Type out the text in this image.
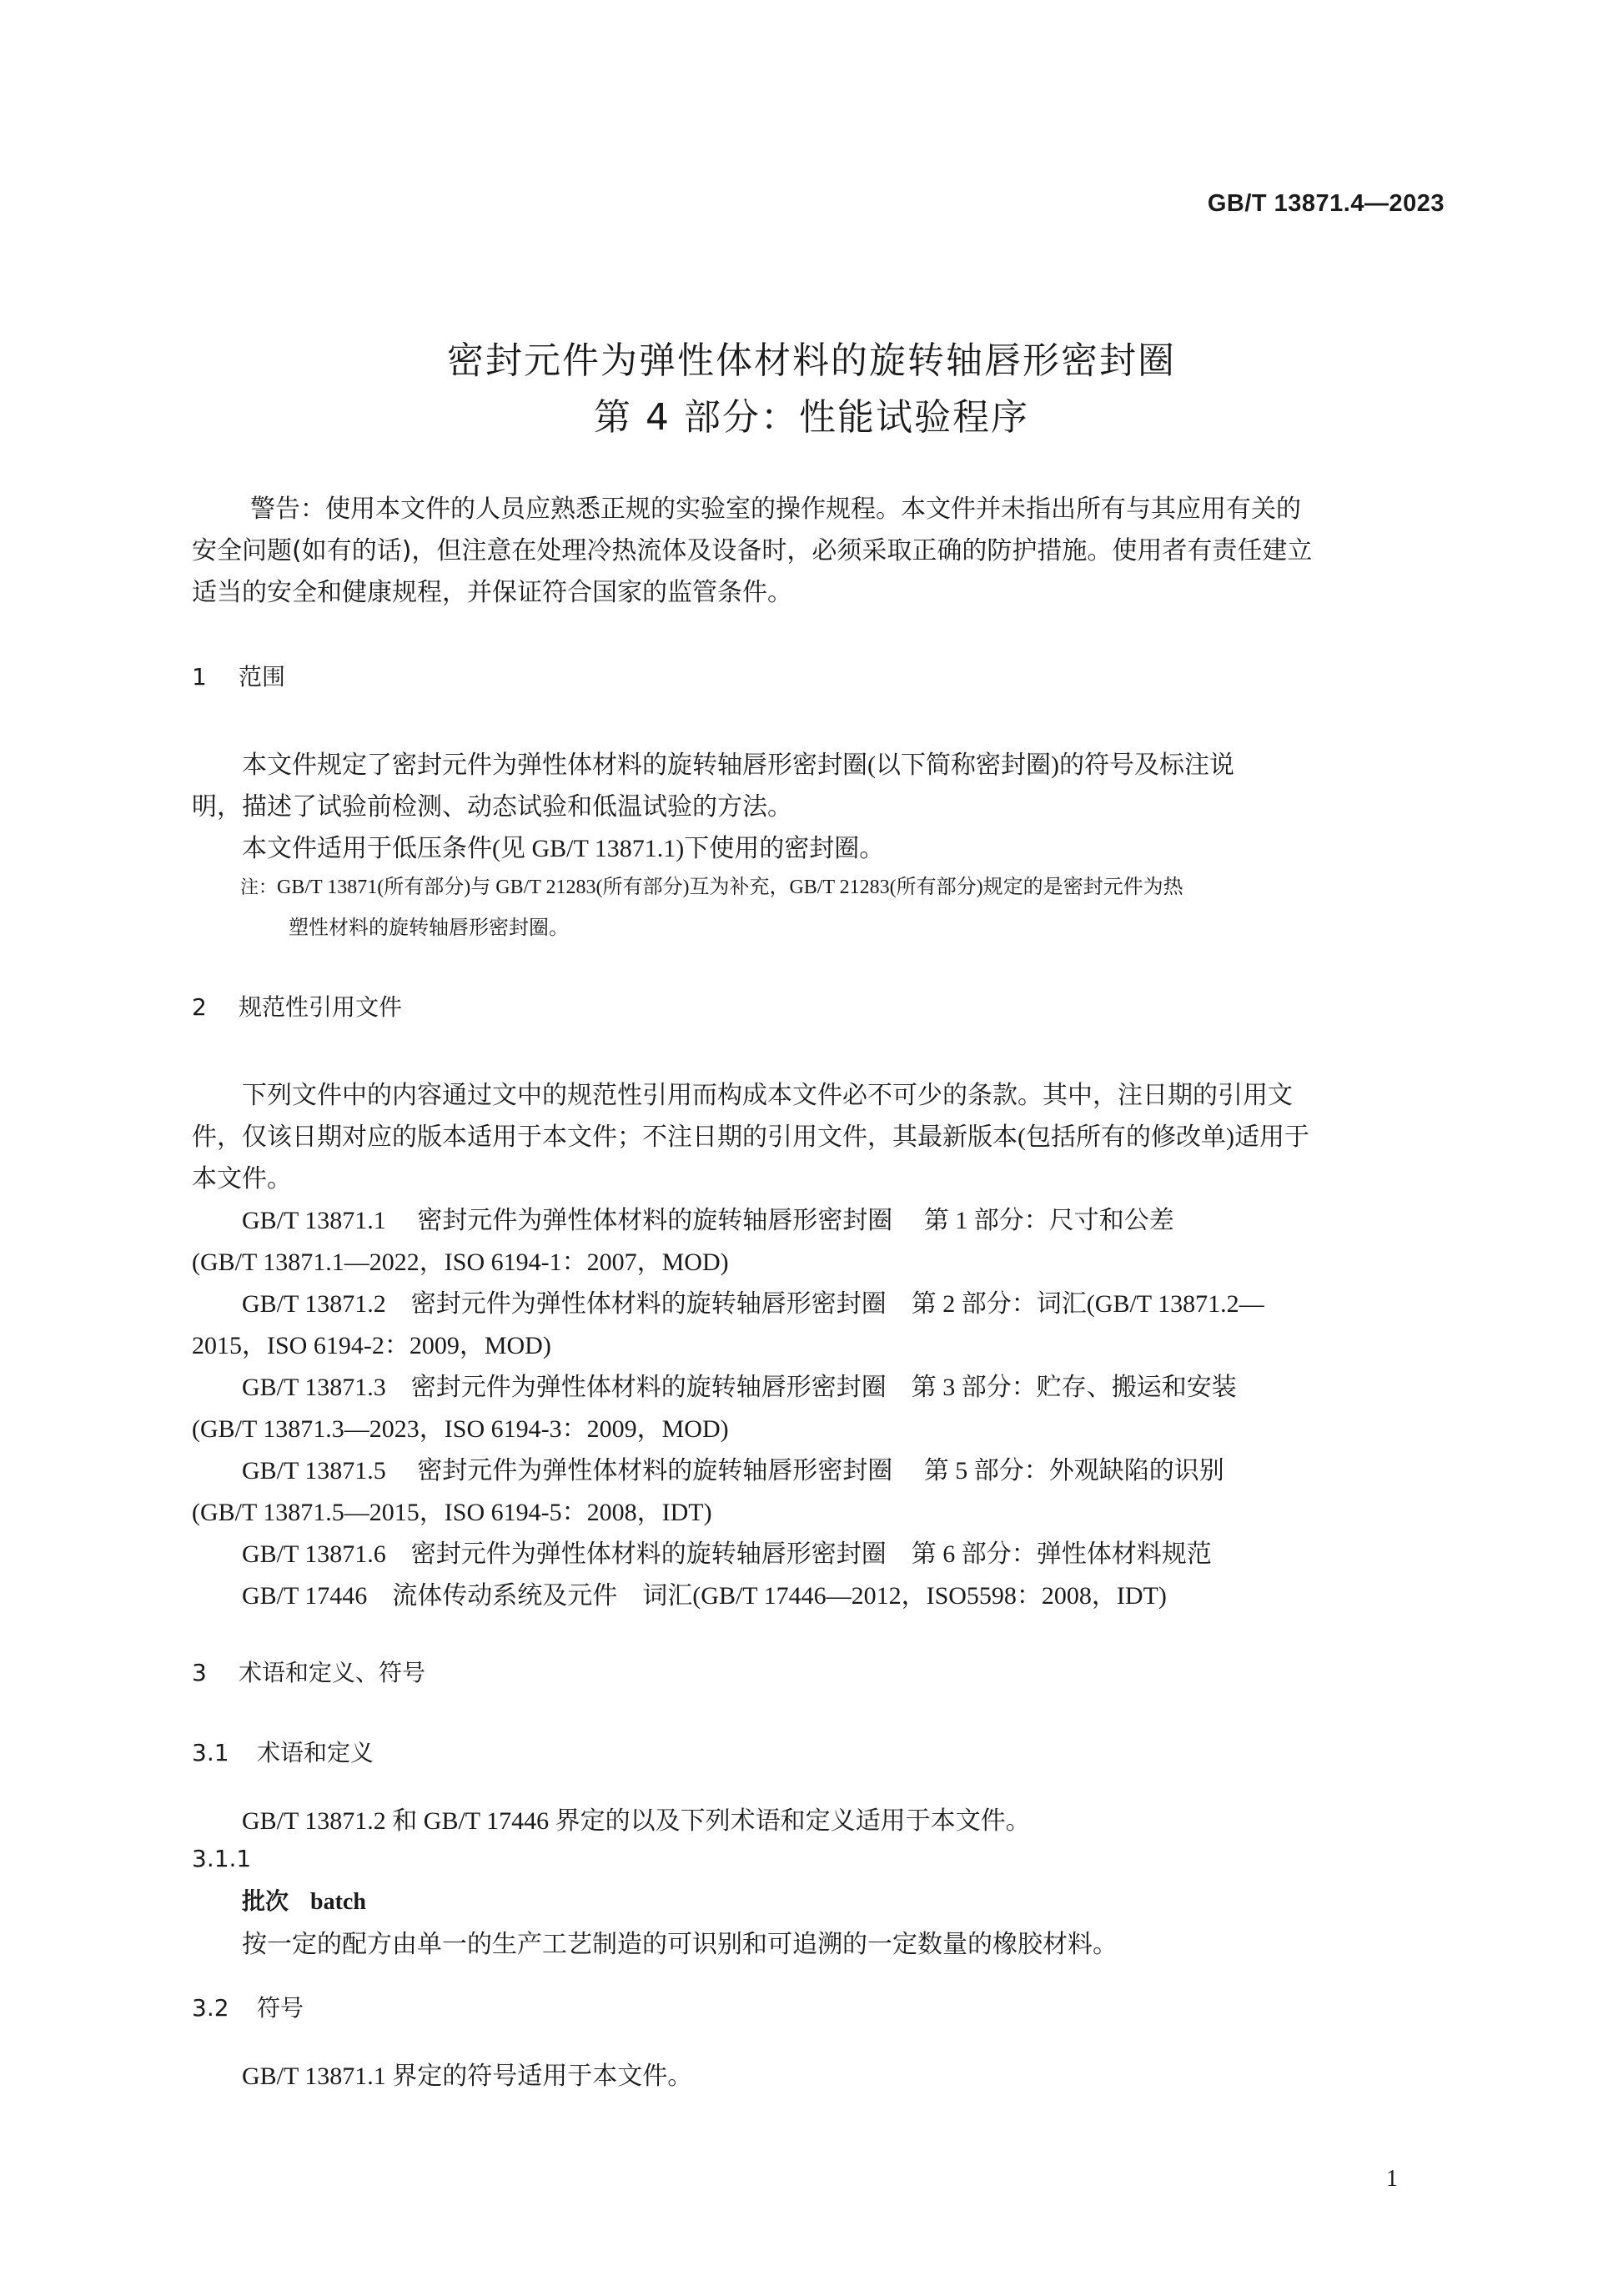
GB/T 13871.4—2023
密封元件为弹性体材料的旋转轴唇形密封圈
第 4 部分：性能试验程序
警告：使用本文件的人员应熟悉正规的实验室的操作规程。本文件并未指出所有与其应用有关的
安全问题(如有的话)，但注意在处理冷热流体及设备时，必须采取正确的防护措施。使用者有责任建立
适当的安全和健康规程，并保证符合国家的监管条件。
1 范围
本文件规定了密封元件为弹性体材料的旋转轴唇形密封圈(以下简称密封圈)的符号及标注说
明，描述了试验前检测、动态试验和低温试验的方法。
本文件适用于低压条件(见 GB/T 13871.1)下使用的密封圈。
注：GB/T 13871(所有部分)与 GB/T 21283(所有部分)互为补充，GB/T 21283(所有部分)规定的是密封元件为热
塑性材料的旋转轴唇形密封圈。
2 规范性引用文件
下列文件中的内容通过文中的规范性引用而构成本文件必不可少的条款。其中，注日期的引用文
件，仅该日期对应的版本适用于本文件；不注日期的引用文件，其最新版本(包括所有的修改单)适用于
本文件。
GB/T 13871.1　 密封元件为弹性体材料的旋转轴唇形密封圈　 第 1 部分：尺寸和公差
(GB/T 13871.1—2022，ISO 6194-1：2007，MOD)
GB/T 13871.2　密封元件为弹性体材料的旋转轴唇形密封圈　第 2 部分：词汇(GB/T 13871.2—
2015，ISO 6194-2：2009，MOD)
GB/T 13871.3　密封元件为弹性体材料的旋转轴唇形密封圈　第 3 部分：贮存、搬运和安装
(GB/T 13871.3—2023，ISO 6194-3：2009，MOD)
GB/T 13871.5　 密封元件为弹性体材料的旋转轴唇形密封圈　 第 5 部分：外观缺陷的识别
(GB/T 13871.5—2015，ISO 6194-5：2008，IDT)
GB/T 13871.6　密封元件为弹性体材料的旋转轴唇形密封圈　第 6 部分：弹性体材料规范
GB/T 17446　流体传动系统及元件　词汇(GB/T 17446—2012，ISO5598：2008，IDT)
3 术语和定义、符号
3.1 术语和定义
GB/T 13871.2 和 GB/T 17446 界定的以及下列术语和定义适用于本文件。
3.1.1
批次 batch
按一定的配方由单一的生产工艺制造的可识别和可追溯的一定数量的橡胶材料。
3.2 符号
GB/T 13871.1 界定的符号适用于本文件。
1
